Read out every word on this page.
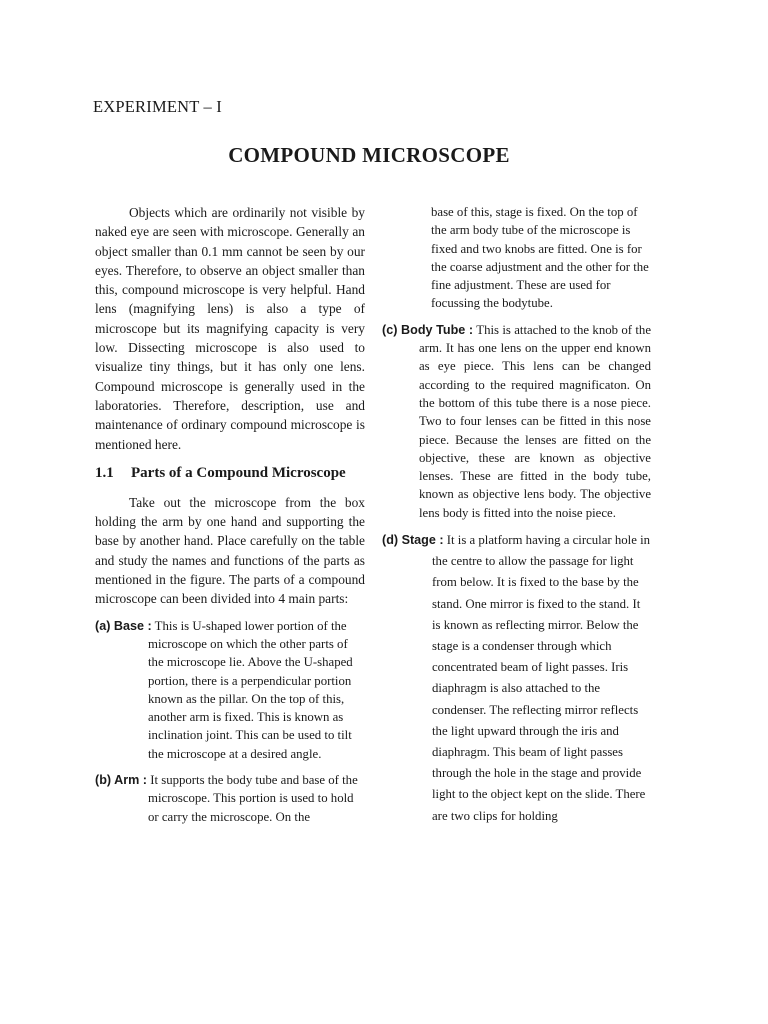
EXPERIMENT – I
COMPOUND MICROSCOPE

Objects which are ordinarily not visible by naked eye are seen with microscope. Generally an object smaller than 0.1 mm cannot be seen by our eyes. Therefore, to observe an object smaller than this, compound microscope is very helpful. Hand lens (magnifying lens) is also a type of microscope but its magnifying capacity is very low. Dissecting microscope is also used to visualize tiny things, but it has only one lens. Compound microscope is generally used in the laboratories. Therefore, description, use and maintenance of ordinary compound microscope is mentioned here.

1.1	Parts of a Compound Microscope

Take out the microscope from the box holding the arm by one hand and supporting the base by another hand. Place carefully on the table and study the names and functions of the parts as mentioned in the figure. The parts of a compound microscope can been divided into 4 main parts:

(a) Base : This is U-shaped lower portion of the microscope on which the other parts of the microscope lie. Above the U-shaped portion, there is a perpendicular portion known as the pillar. On the top of this, another arm is fixed. This is known as inclination joint. This can be used to tilt the microscope at a desired angle.

(b) Arm : It supports the body tube and base of the microscope. This portion is used to hold or carry the microscope. On the

base of this, stage is fixed. On the top of the arm body tube of the microscope is fixed and two knobs are fitted. One is for the coarse adjustment and the other for the fine adjustment. These are used for focussing the bodytube.

(c) Body Tube : This is attached to the knob of the arm. It has one lens on the upper end known as eye piece. This lens can be changed according to the required magnificaton. On the bottom of this tube there is a nose piece. Two to four lenses can be fitted in this nose piece. Because the lenses are fitted on the objective, these are known as objective lenses. These are fitted in the body tube, known as objective lens body. The objective lens body is fitted into the noise piece.

(d) Stage : It is a platform having a circular hole in the centre to allow the passage for light from below. It is fixed to the base by the stand. One mirror is fixed to the stand. It is known as reflecting mirror. Below the stage is a condenser through which concentrated beam of light passes. Iris diaphragm is also attached to the condenser. The reflecting mirror reflects the light upward through the iris and diaphragm. This beam of light passes through the hole in the stage and provide light to the object kept on the slide. There are two clips for holding
